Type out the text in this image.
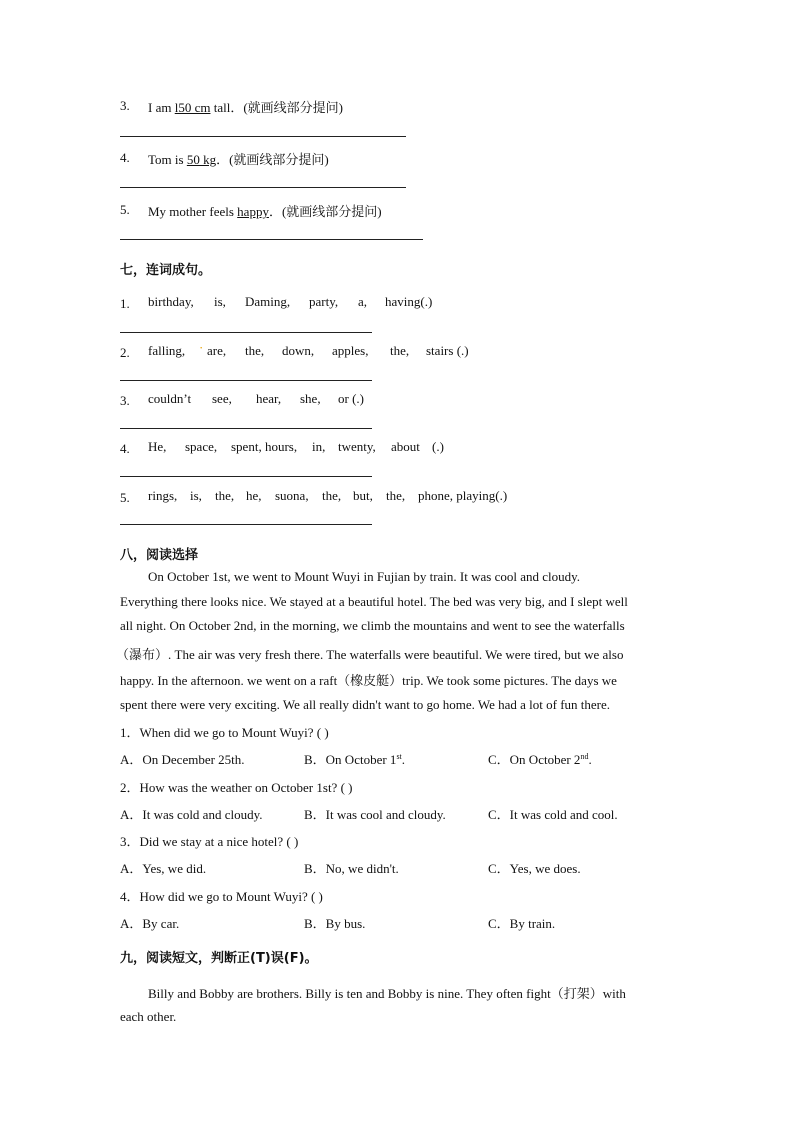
3. I am l50 cm tall．(就画线部分提问)
4. Tom is 50 kg．(就画线部分提问)
5. My mother feels happy．(就画线部分提问)
七，连词成句。
1. birthday, is, Daming, party, a, having(.)
2. falling, · are, the, down, apples, the, stairs (.)
3. couldn’t see, hear, she, or (.)
4. He, space, spent, hours, in, twenty, about (.)
5. rings, is, the, he, suona, the, but, the, phone, playing(.)
八，阅读选择
On October 1st, we went to Mount Wuyi in Fujian by train. It was cool and cloudy.
Everything there looks nice. We stayed at a beautiful hotel. The bed was very big, and I slept well
all night. On October 2nd, in the morning, we climb the mountains and went to see the waterfalls
（瀑布）. The air was very fresh there. The waterfalls were beautiful. We were tired, but we also
happy. In the afternoon. we went on a raft（橡皮艇）trip. We took some pictures. The days we
spent there were very exciting. We all really didn't want to go home. We had a lot of fun there.
1．When did we go to Mount Wuyi? ( )
A．On December 25th.	B．On October 1st.	C．On October 2nd.
2．How was the weather on October 1st? ( )
A．It was cold and cloudy.	B．It was cool and cloudy.	C．It was cold and cool.
3．Did we stay at a nice hotel? ( )
A．Yes, we did.	B．No, we didn't.	C．Yes, we does.
4．How did we go to Mount Wuyi? ( )
A．By car.	B．By bus.	C．By train.
九，阅读短文，判断正(T)误(F)。
Billy and Bobby are brothers. Billy is ten and Bobby is nine. They often fight（打架）with
each other.
